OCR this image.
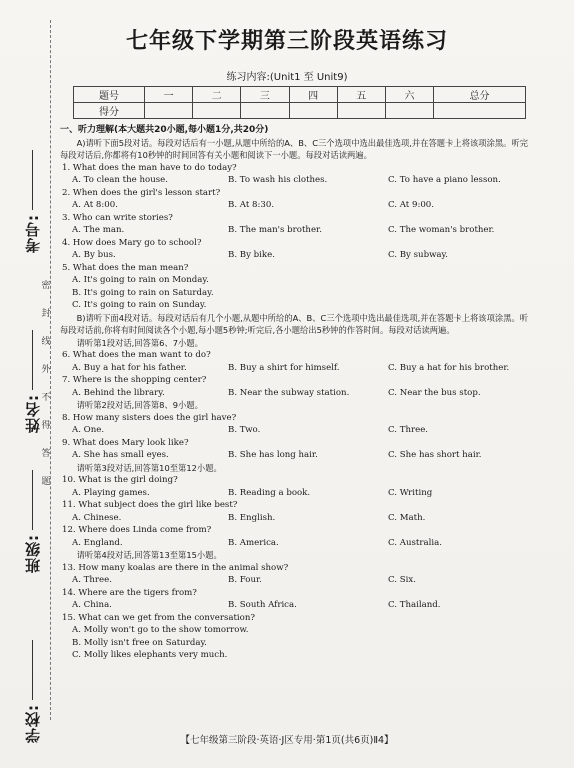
考号:
姓名:
班级:
学校:
密
封
线
外
不
得
答
题
七年级下学期第三阶段英语练习
练习内容:(Unit1 至 Unit9)
题号	一	二	三	四	五	六	总分
得分							
一、听力理解(本大题共20小题,每小题1分,共20分)
A)请听下面5段对话。每段对话后有一小题,从题中所给的A、B、C三个选项中选出最佳选项,并在答题卡上将该项涂黑。听完每段对话后,你都将有10秒钟的时间回答有关小题和阅读下一小题。每段对话读两遍。
1. What does the man have to do today?
A. To clean the house.	B. To wash his clothes.	C. To have a piano lesson.
2. When does the girl's lesson start?
A. At 8:00.	B. At 8:30.	C. At 9:00.
3. Who can write stories?
A. The man.	B. The man's brother.	C. The woman's brother.
4. How does Mary go to school?
A. By bus.	B. By bike.	C. By subway.
5. What does the man mean?
A. It's going to rain on Monday.
B. It's going to rain on Saturday.
C. It's going to rain on Sunday.
B)请听下面4段对话。每段对话后有几个小题,从题中所给的A、B、C三个选项中选出最佳选项,并在答题卡上将该项涂黑。听每段对话前,你将有时间阅读各个小题,每小题5秒钟;听完后,各小题给出5秒钟的作答时间。每段对话读两遍。
请听第1段对话,回答第6、7小题。
6. What does the man want to do?
A. Buy a hat for his father.	B. Buy a shirt for himself.	C. Buy a hat for his brother.
7. Where is the shopping center?
A. Behind the library.	B. Near the subway station.	C. Near the bus stop.
请听第2段对话,回答第8、9小题。
8. How many sisters does the girl have?
A. One.	B. Two.	C. Three.
9. What does Mary look like?
A. She has small eyes.	B. She has long hair.	C. She has short hair.
请听第3段对话,回答第10至第12小题。
10. What is the girl doing?
A. Playing games.	B. Reading a book.	C. Writing
11. What subject does the girl like best?
A. Chinese.	B. English.	C. Math.
12. Where does Linda come from?
A. England.	B. America.	C. Australia.
请听第4段对话,回答第13至第15小题。
13. How many koalas are there in the animal show?
A. Three.	B. Four.	C. Six.
14. Where are the tigers from?
A. China.	B. South Africa.	C. Thailand.
15. What can we get from the conversation?
A. Molly won't go to the show tomorrow.
B. Molly isn't free on Saturday.
C. Molly likes elephants very much.
【七年级第三阶段·英语·J区专用·第1页(共6页)Ⅱ4】
